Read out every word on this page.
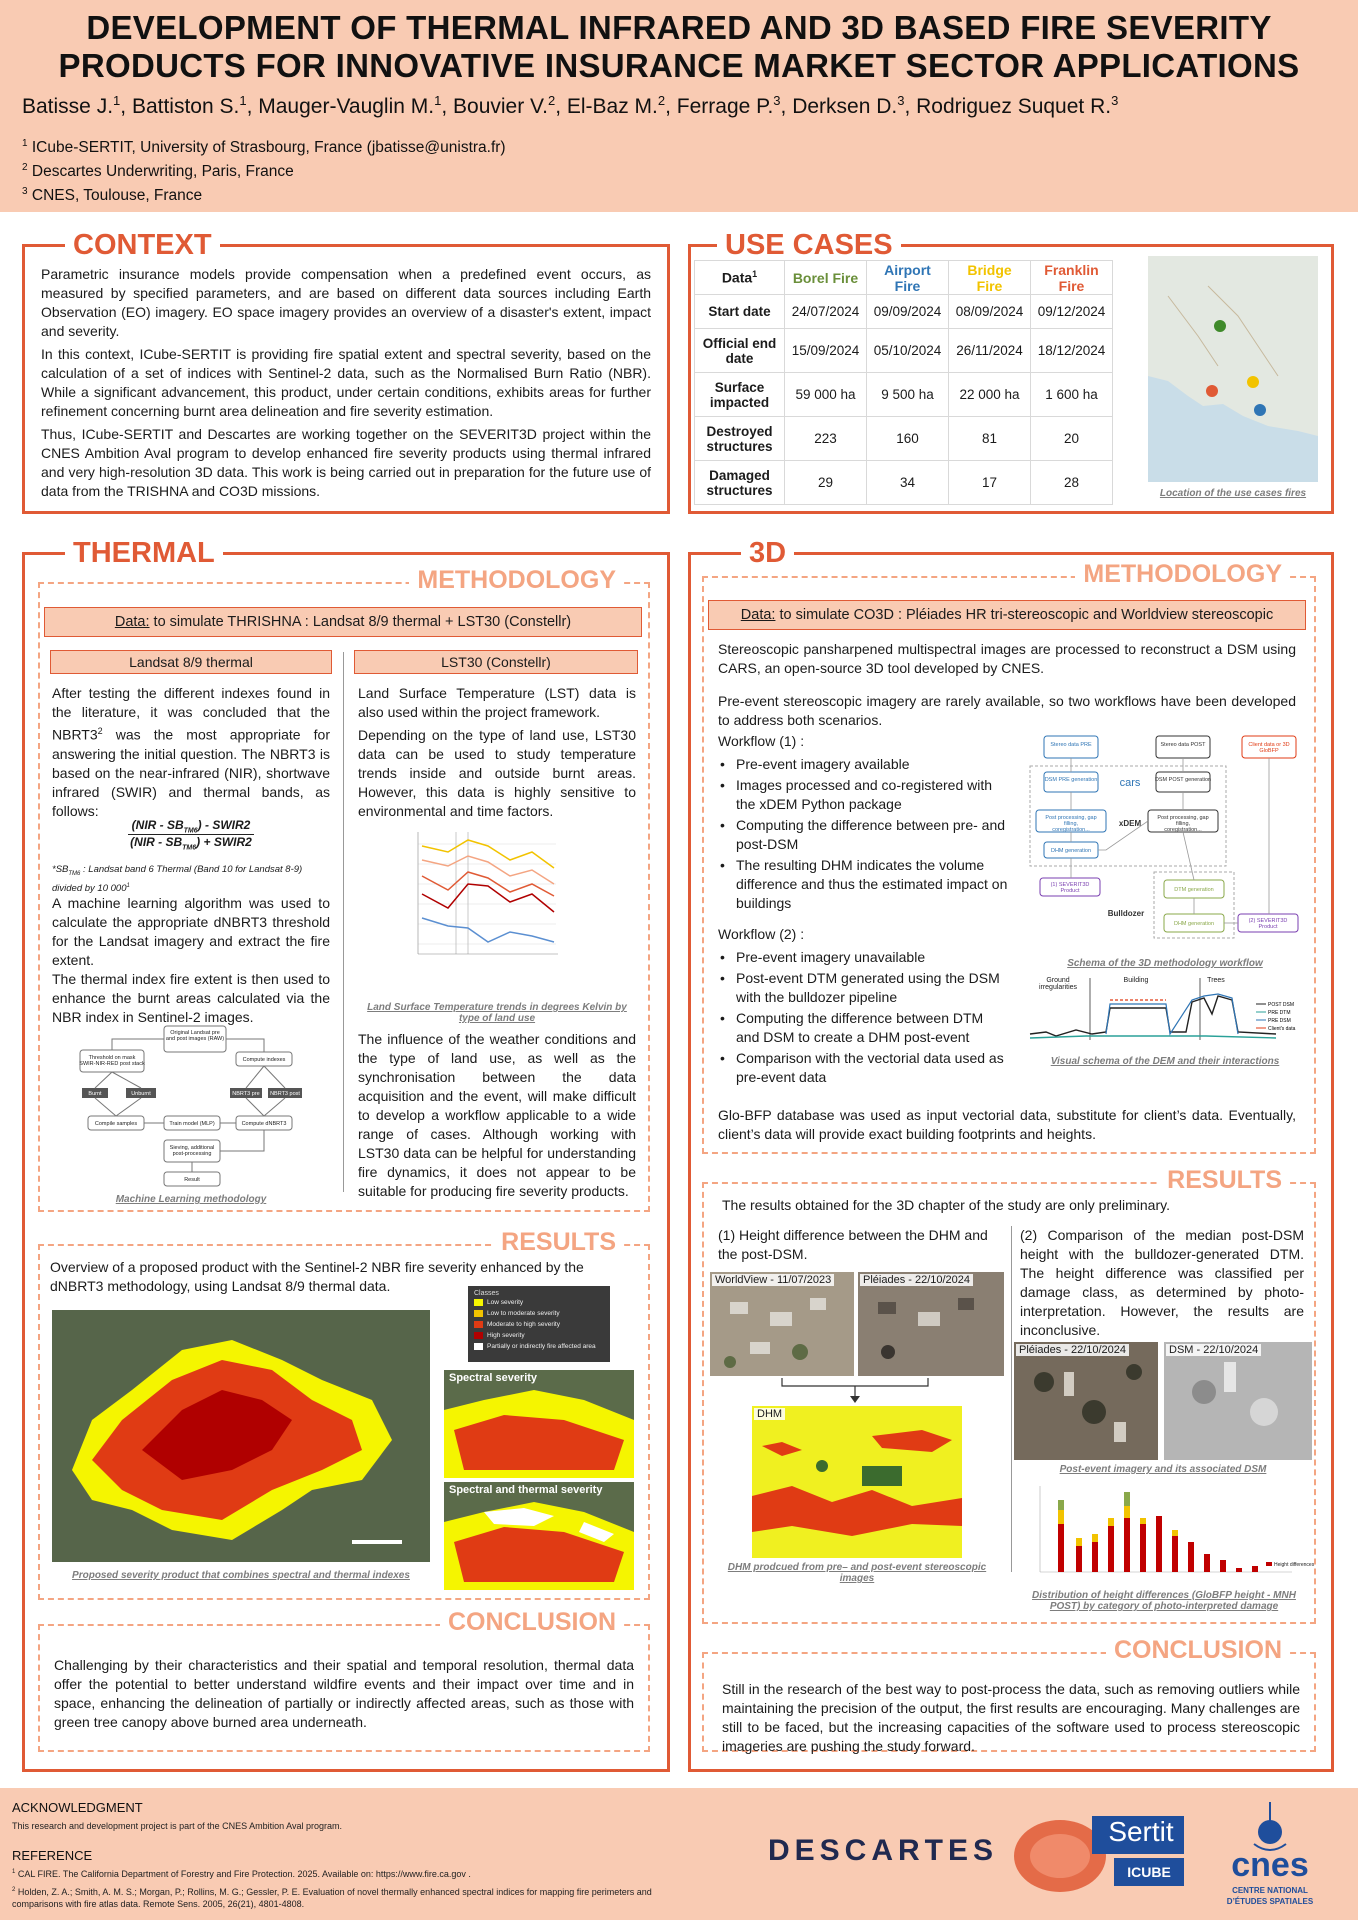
DEVELOPMENT OF THERMAL INFRARED AND 3D BASED FIRE SEVERITY
PRODUCTS FOR INNOVATIVE INSURANCE MARKET SECTOR APPLICATIONS
Batisse J.$^1$, Battiston S.$^1$, Mauger-Vauglin M.$^1$, Bouvier V.$^2$, El-Baz M.$^2$, Ferrage P.$^3$, Derksen D.$^3$, Rodriguez Suquet R.$^3$
$^1$ ICube-SERTIT, University of Strasbourg, France (jbatisse@unistra.fr)
$^2$ Descartes Underwriting, Paris, France
$^3$ CNES, Toulouse, France
CONTEXT

Parametric insurance models provide compensation when a predefined event occurs, as measured by specified parameters, and are based on different data sources including Earth Observation (EO) imagery. EO space imagery provides an overview of a disaster's extent, impact and severity.

In this context, ICube-SERTIT is providing fire spatial extent and spectral severity, based on the calculation of a set of indices with Sentinel-2 data, such as the Normalised Burn Ratio (NBR). While a significant advancement, this product, under certain conditions, exhibits areas for further refinement concerning burnt area delineation and fire severity estimation.

Thus, ICube-SERTIT and Descartes are working together on the SEVERIT3D project within the CNES Ambition Aval program to develop enhanced fire severity products using thermal infrared and very high-resolution 3D data. This work is being carried out in preparation for the future use of data from the TRISHNA and CO3D missions.

USE CASES
Data$^1$	Borel Fire	Airport Fire	Bridge Fire	Franklin Fire
Start date	24/07/2024	09/09/2024	08/09/2024	09/12/2024
Official end date	15/09/2024	05/10/2024	26/11/2024	18/12/2024
Surface impacted	59 000 ha	9 500 ha	22 000 ha	1 600 ha
Destroyed structures	223	160	81	20
Damaged structures	29	34	17	28
Location of the use cases fires
THERMAL
METHODOLOGY
Data: to simulate THRISHNA : Landsat 8/9 thermal + LST30 (Constellr)
Landsat 8/9 thermal	LST30 (Constellr)

After testing the different indexes found in the literature, it was concluded that the $NBRT3^2$ was the most appropriate for answering the initial question. The NBRT3 is based on the near-infrared (NIR), shortwave infrared (SWIR) and thermal bands, as follows:

$(NIR - SB_{TM6})$ - SWIR2
$(NIR - SB_{TM6})$ + SWIR2
$*SB_{TM6}$ : Landsat band 6 Thermal (Band 10 for Landsat 8-9) divided by 10 $000^1$

A machine learning algorithm was used to calculate the appropriate dNBRT3 threshold for the Landsat imagery and extract the fire extent.

The thermal index fire extent is then used to enhance the burnt areas calculated via the NBR index in Sentinel-2 images.

Original Landsat pre and post images (RAW)
Threshold on mask SWIR-NIR-RED post stack
Compute indexes
Burnt	Unburnt	NBRT3 pre NBRT3 post
Compile samples	Train model (MLP)	Compute dNBRT3
Sieving, additional post-processing
Result
Machine Learning methodology

Land Surface Temperature (LST) data is also used within the project framework.

Depending on the type of land use, LST30 data can be used to study temperature trends inside and outside burnt areas. However, this data is highly sensitive to environmental and time factors.

Land Surface Temperature trends in degrees Kelvin by type of land use

The influence of the weather conditions and the type of land use, as well as the synchronisation between the data acquisition and the event, will make difficult to develop a workflow applicable to a wide range of cases. Although working with LST30 data can be helpful for understanding fire dynamics, it does not appear to be suitable for producing fire severity products.

RESULTS
Overview of a proposed product with the Sentinel-2 NBR fire severity enhanced by the dNBRT3 methodology, using Landsat 8/9 thermal data.	Classes
Low severity
Low to moderate severity
Moderate to high severity
High severity
Partially or indirectly fire affected area
Spectral severity
Spectral and thermal severity
Proposed severity product that combines spectral and thermal indexes
CONCLUSION
Challenging by their characteristics and their spatial and temporal resolution, thermal data offer the potential to better understand wildfire events and their impact over time and in space, enhancing the delineation of partially or indirectly affected areas, such as those with green tree canopy above burned area underneath.
3D
METHODOLOGY
Data: to simulate CO3D : Pléiades HR tri-stereoscopic and Worldview stereoscopic

Stereoscopic pansharpened multispectral images are processed to reconstruct a DSM using CARS, an open-source 3D tool developed by CNES.

Pre-event stereoscopic imagery are rarely available, so two workflows have been developed to address both scenarios.

Workflow (1) :
• Pre-event imagery available
• Images processed and co-registered with the xDEM Python package
• Computing the difference between pre- and post-DSM
• The resulting DHM indicates the volume difference and thus the estimated impact on buildings
Workflow (2) :
• Pre-event imagery unavailable
• Post-event DTM generated using the DSM with the bulldozer pipeline
• Computing the difference between DTM and DSM to create a DHM post-event
• Comparison with the vectorial data used as pre-event data
Stereo data PRE	Stereo data POST	Client data or 3D GloBFP
DSM PRE generation cars	DSM POST generation
Post processing, gap filling, coregistration...
xDEM
Post processing, gap filling, coregistration...
DHM generation
(1) SEVERIT3D Product	DTM generation
Bulldozer
DHM generation	(2) SEVERIT3D Product
Schema of the 3D methodology workflow
Ground irregularities
Building	Trees
POST DSM
PRE DTM
PRE DSM
Client's data
Visual schema of the DEM and their interactions
Glo-BFP database was used as input vectorial data, substitute for client’s data. Eventually, client’s data will provide exact building footprints and heights.
RESULTS
The results obtained for the 3D chapter of the study are only preliminary.
(1) Height difference between the DHM and the post-DSM.
(2) Comparison of the median post-DSM height with the bulldozer-generated DTM. The height difference was classified per damage class, as determined by photo-interpretation. However, the results are inconclusive.
WorldView - 11/07/2023	Pléiades - 22/10/2024
DHM
DHM prodcued from pre– and post-event stereoscopic images
Pléiades - 22/10/2024	DSM - 22/10/2024
Post-event imagery and its associated DSM
Height differences
Distribution of height differences (GloBFP height - MNH POST) by category of photo-interpreted damage
CONCLUSION
Still in the research of the best way to post-process the data, such as removing outliers while maintaining the precision of the output, the first results are encouraging. Many challenges are still to be faced, but the increasing capacities of the software used to process stereoscopic imageries are pushing the study forward.
ACKNOWLEDGMENT
This research and development project is part of the CNES Ambition Aval program.
REFERENCE
$^1$ CAL FIRE. The California Department of Forestry and Fire Protection. 2025. Available on: https://www.fire.ca.gov .
$^2$ Holden, Z. A.; Smith, A. M. S.; Morgan, P.; Rollins, M. G.; Gessler, P. E. Evaluation of novel thermally enhanced spectral indices for mapping fire perimeters and comparisons with fire atlas data. Remote Sens. 2005, 26(21), 4801-4808.
DESCARTES
Sertit
ICUBE	cnes
CENTRE NATIONAL
D’ÉTUDES SPATIALES
